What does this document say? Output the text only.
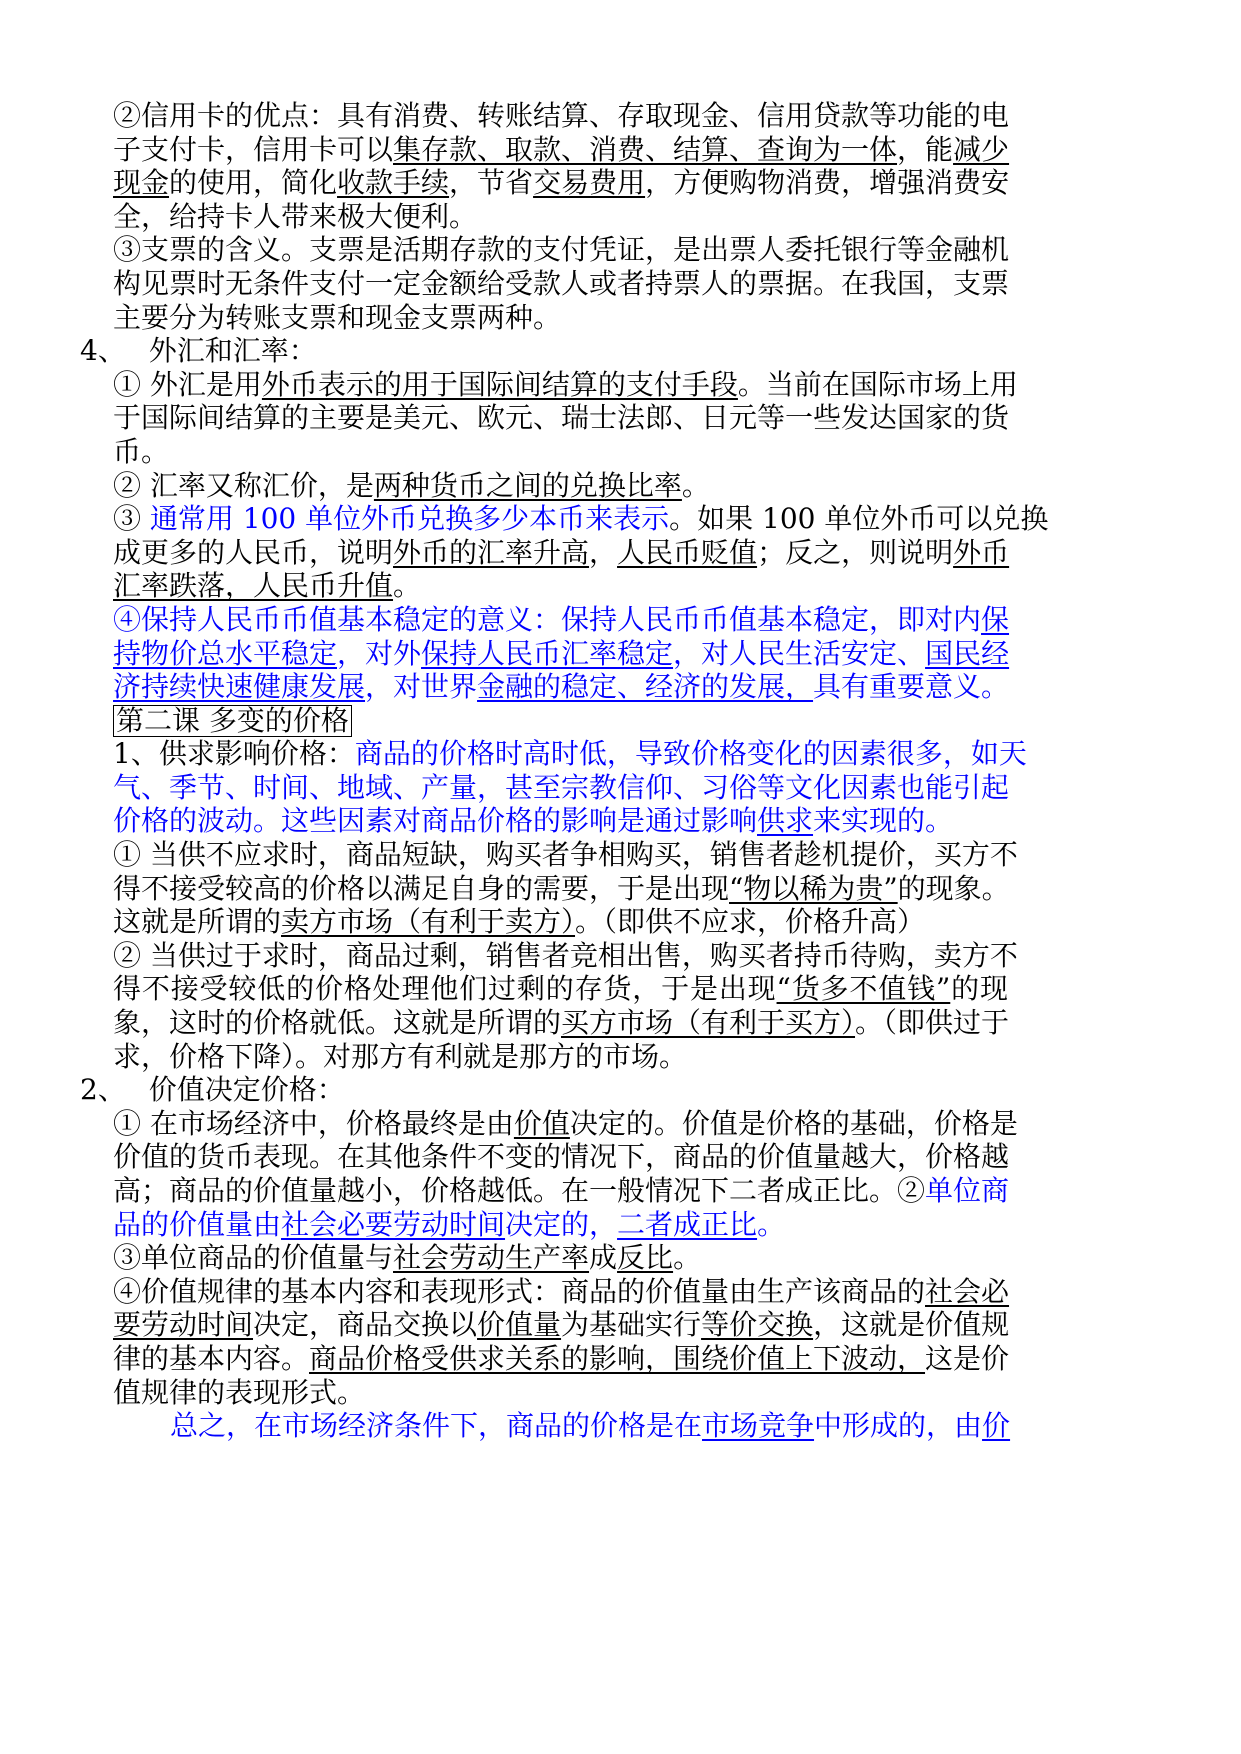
②信用卡的优点：具有消费、转账结算、存取现金、信用贷款等功能的电
子支付卡，信用卡可以集存款、取款、消费、结算、查询为一体，能减少
现金的使用，简化收款手续，节省交易费用，方便购物消费，增强消费安
全，给持卡人带来极大便利。
③支票的含义。支票是活期存款的支付凭证，是出票人委托银行等金融机
构见票时无条件支付一定金额给受款人或者持票人的票据。在我国，支票
主要分为转账支票和现金支票两种。
4、　 外汇和汇率：
① 外汇是用外币表示的用于国际间结算的支付手段。当前在国际市场上用
于国际间结算的主要是美元、欧元、瑞士法郎、日元等一些发达国家的货
币。
② 汇率又称汇价，是两种货币之间的兑换比率。
③ 通常用 100 单位外币兑换多少本币来表示。如果 100 单位外币可以兑换
成更多的人民币，说明外币的汇率升高，人民币贬值；反之，则说明外币
汇率跌落，人民币升值。
④保持人民币币值基本稳定的意义：保持人民币币值基本稳定，即对内保
持物价总水平稳定，对外保持人民币汇率稳定，对人民生活安定、国民经
济持续快速健康发展，对世界金融的稳定、经济的发展，具有重要意义。
第二课 多变的价格
1、供求影响价格：商品的价格时高时低，导致价格变化的因素很多，如天
气、季节、时间、地域、产量，甚至宗教信仰、习俗等文化因素也能引起
价格的波动。这些因素对商品价格的影响是通过影响供求来实现的。
① 当供不应求时，商品短缺，购买者争相购买，销售者趁机提价，买方不
得不接受较高的价格以满足自身的需要，于是出现“物以稀为贵”的现象。
这就是所谓的卖方市场（有利于卖方）。（即供不应求，价格升高）
② 当供过于求时，商品过剩，销售者竞相出售，购买者持币待购，卖方不
得不接受较低的价格处理他们过剩的存货，于是出现“货多不值钱”的现
象，这时的价格就低。这就是所谓的买方市场（有利于买方）。（即供过于
求，价格下降）。对那方有利就是那方的市场。
2、　 价值决定价格：
① 在市场经济中，价格最终是由价值决定的。价值是价格的基础，价格是
价值的货币表现。在其他条件不变的情况下，商品的价值量越大，价格越
高；商品的价值量越小，价格越低。在一般情况下二者成正比。②单位商
品的价值量由社会必要劳动时间决定的，二者成正比。
③单位商品的价值量与社会劳动生产率成反比。
④价值规律的基本内容和表现形式：商品的价值量由生产该商品的社会必
要劳动时间决定，商品交换以价值量为基础实行等价交换，这就是价值规
律的基本内容。商品价格受供求关系的影响，围绕价值上下波动，这是价
值规律的表现形式。
总之，在市场经济条件下，商品的价格是在市场竞争中形成的，由价
